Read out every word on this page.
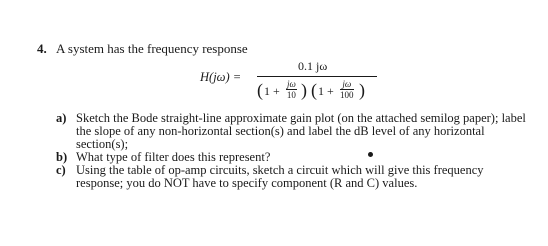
4. A system has the frequency response
H(jω) =
0.1 jω
( $1 + \frac{j\omega}{10}$ ) ( $1 + \frac{j\omega}{100}$ )
a) Sketch the Bode straight-line approximate gain plot (on the attached semilog paper); label the slope of any non-horizontal section(s) and label the dB level of any horizontal section(s);
b) What type of filter does this represent?
c) Using the table of op-amp circuits, sketch a circuit which will give this frequency response; you do NOT have to specify component (R and C) values.
